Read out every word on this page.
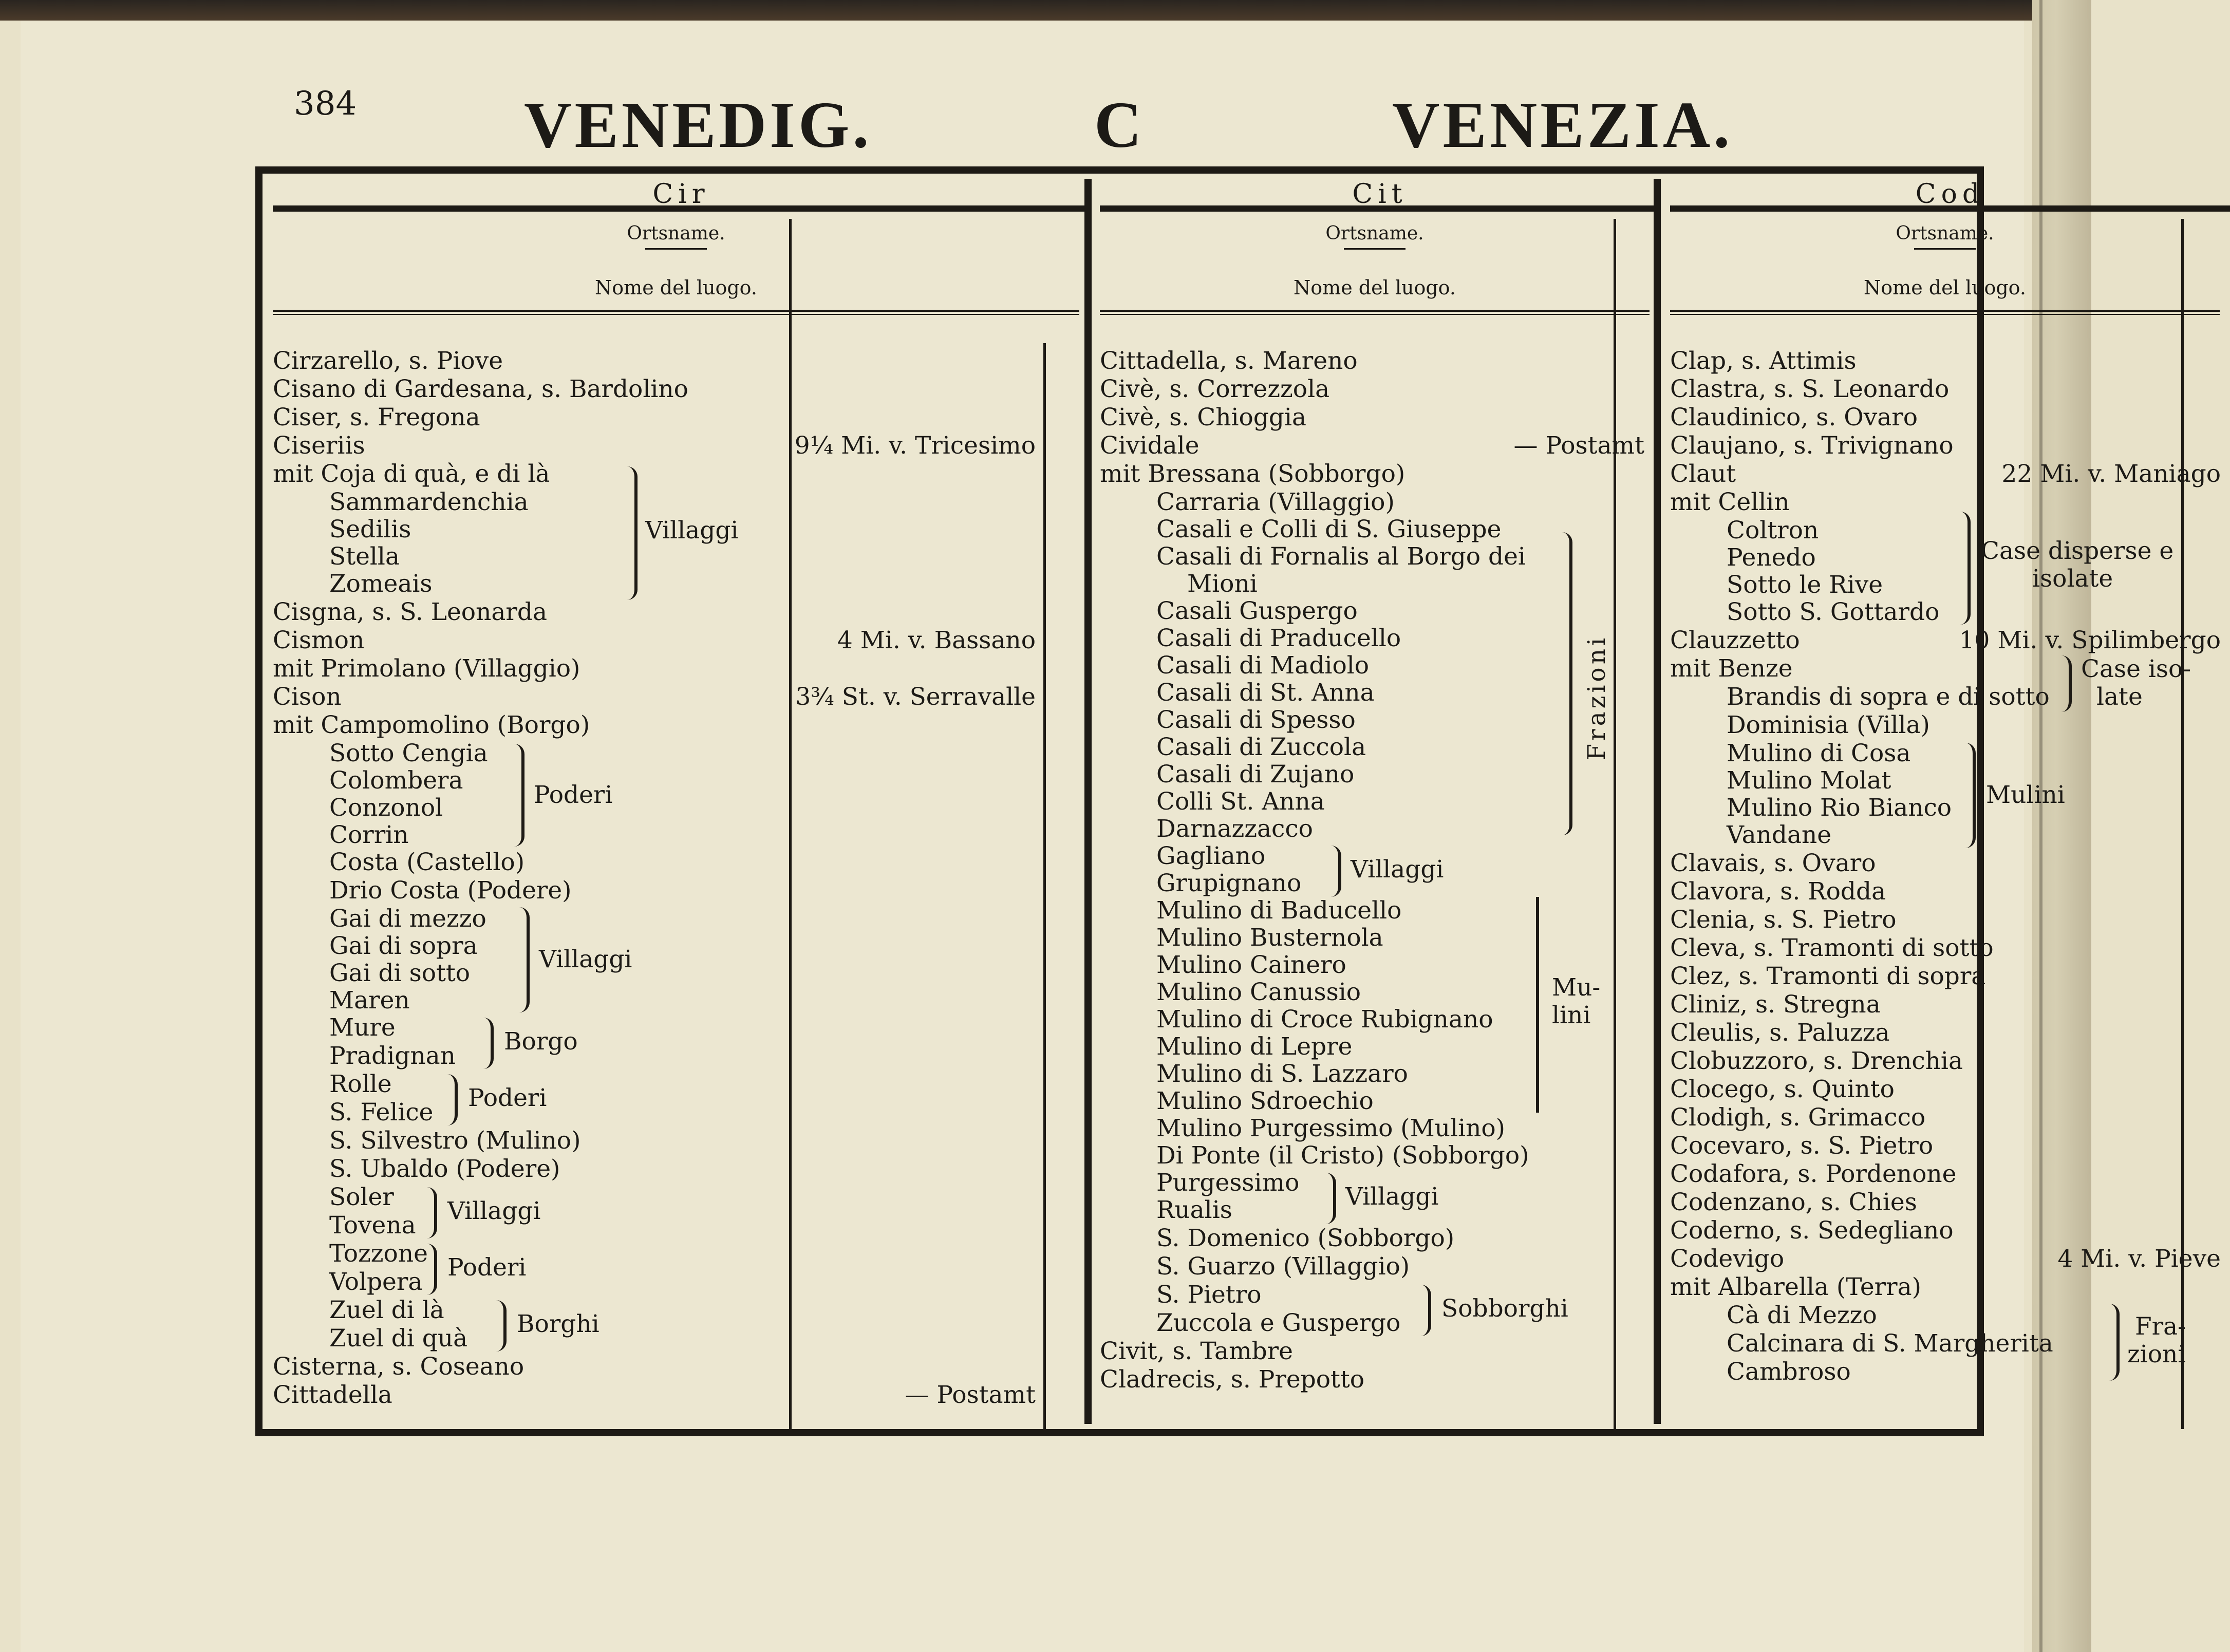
384	VENEDIG.	C	VENEZIA.
Cir
Ortsname.
Nome del luogo.
Cirzarello, s. Piove
Cisano di Gardesana, s. Bardolino
Ciser, s. Fregona
Ciseriis	9¼ Mi. v. Tricesimo
mit Coja di quà, e di là
Sammardenchia
Sedilis
Stella
Zomeais
Villaggi
Cisgna, s. S. Leonarda
Cismon	4 Mi. v. Bassano
mit Primolano (Villaggio)
Cison	3¾ St. v. Serravalle
mit Campomolino (Borgo)
Sotto Cengia
Colombera
Conzonol
Corrin
Poderi
Costa (Castello)
Drio Costa (Podere)
Gai di mezzo
Gai di sopra
Gai di sotto
Maren
Villaggi
Mure
Pradignan
Borgo
Rolle
S. Felice
Poderi
S. Silvestro (Mulino)
S. Ubaldo (Podere)
Soler
Tovena
Villaggi
Tozzone
Volpera
Poderi
Zuel di là
Zuel di quà
Borghi
Cisterna, s. Coseano
Cittadella	— Postamt
Cit
Ortsname.
Nome del luogo.
Cittadella, s. Mareno
Civè, s. Correzzola
Civè, s. Chioggia
Cividale	— Postamt
mit Bressana (Sobborgo)
Carraria (Villaggio)
Casali e Colli di S. Giuseppe
Casali di Fornalis al Borgo dei
Mioni
Casali Guspergo
Casali di Praducello
Casali di Madiolo
Casali di St. Anna
Casali di Spesso
Casali di Zuccola
Casali di Zujano
Colli St. Anna
Darnazzacco
Frazioni
Gagliano
Grupignano	Villaggi
Mulino di Baducello
Mulino Busternola
Mulino Cainero
Mulino Canussio
Mulino di Croce Rubignano
Mulino di Lepre
Mulino di S. Lazzaro
Mulino Sdroechio
Mu-
lini
Mulino Purgessimo (Mulino)
Di Ponte (il Cristo) (Sobborgo)
Purgessimo
Rualis	Villaggi
S. Domenico (Sobborgo)
S. Guarzo (Villaggio)
S. Pietro
Zuccola e Guspergo
Sobborghi
Civit, s. Tambre
Cladrecis, s. Prepotto
Cod
Ortsname.
Nome del luogo.
Clap, s. Attimis
Clastra, s. S. Leonardo
Claudinico, s. Ovaro
Claujano, s. Trivignano
Claut	22 Mi. v. Maniago
mit Cellin
Coltron
Penedo
Sotto le Rive
Sotto S. Gottardo
Case disperse e
isolate
Clauzzetto	10 Mi. v. Spilimbergo
mit Benze
Brandis di sopra e di sotto
Case iso-
late
Dominisia (Villa)
Mulino di Cosa
Mulino Molat
Mulino Rio Bianco
Vandane
Mulini
Clavais, s. Ovaro
Clavora, s. Rodda
Clenia, s. S. Pietro
Cleva, s. Tramonti di sotto
Clez, s. Tramonti di sopra
Cliniz, s. Stregna
Cleulis, s. Paluzza
Clobuzzoro, s. Drenchia
Clocego, s. Quinto
Clodigh, s. Grimacco
Cocevaro, s. S. Pietro
Codafora, s. Pordenone
Codenzano, s. Chies
Coderno, s. Sedegliano
Codevigo	4 Mi. v. Pieve
mit Albarella (Terra)
Cà di Mezzo
Calcinara di S. Margherita
Cambroso
Fra-
zioni
